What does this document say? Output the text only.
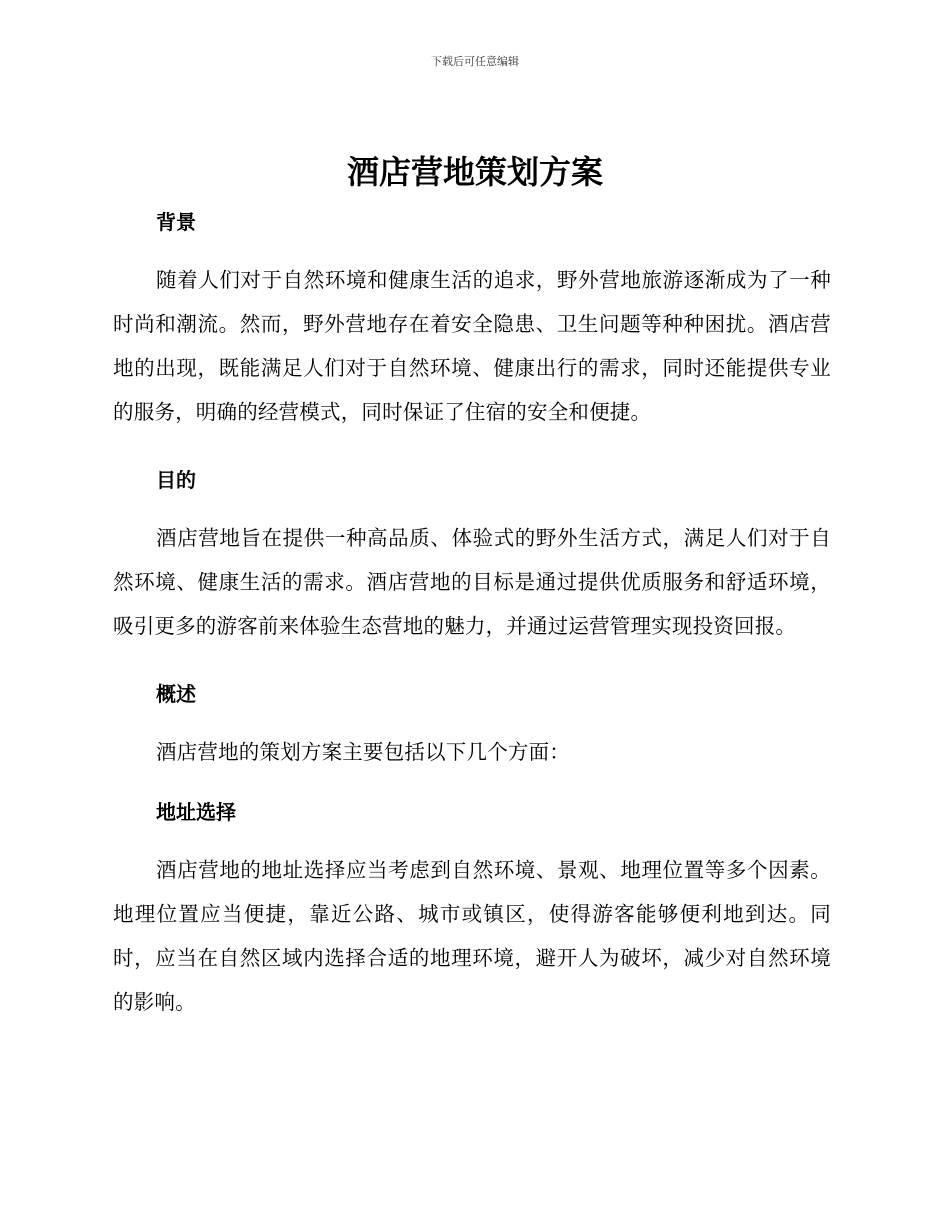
下载后可任意编辑
酒店营地策划方案
背景

随着人们对于自然环境和健康生活的追求，野外营地旅游逐渐成为了一种时尚和潮流。然而，野外营地存在着安全隐患、卫生问题等种种困扰。酒店营地的出现，既能满足人们对于自然环境、健康出行的需求，同时还能提供专业的服务，明确的经营模式，同时保证了住宿的安全和便捷。

目的

酒店营地旨在提供一种高品质、体验式的野外生活方式，满足人们对于自然环境、健康生活的需求。酒店营地的目标是通过提供优质服务和舒适环境，吸引更多的游客前来体验生态营地的魅力，并通过运营管理实现投资回报。

概述

酒店营地的策划方案主要包括以下几个方面：

地址选择

酒店营地的地址选择应当考虑到自然环境、景观、地理位置等多个因素。地理位置应当便捷，靠近公路、城市或镇区，使得游客能够便利地到达。同时，应当在自然区域内选择合适的地理环境，避开人为破坏，减少对自然环境的影响。
